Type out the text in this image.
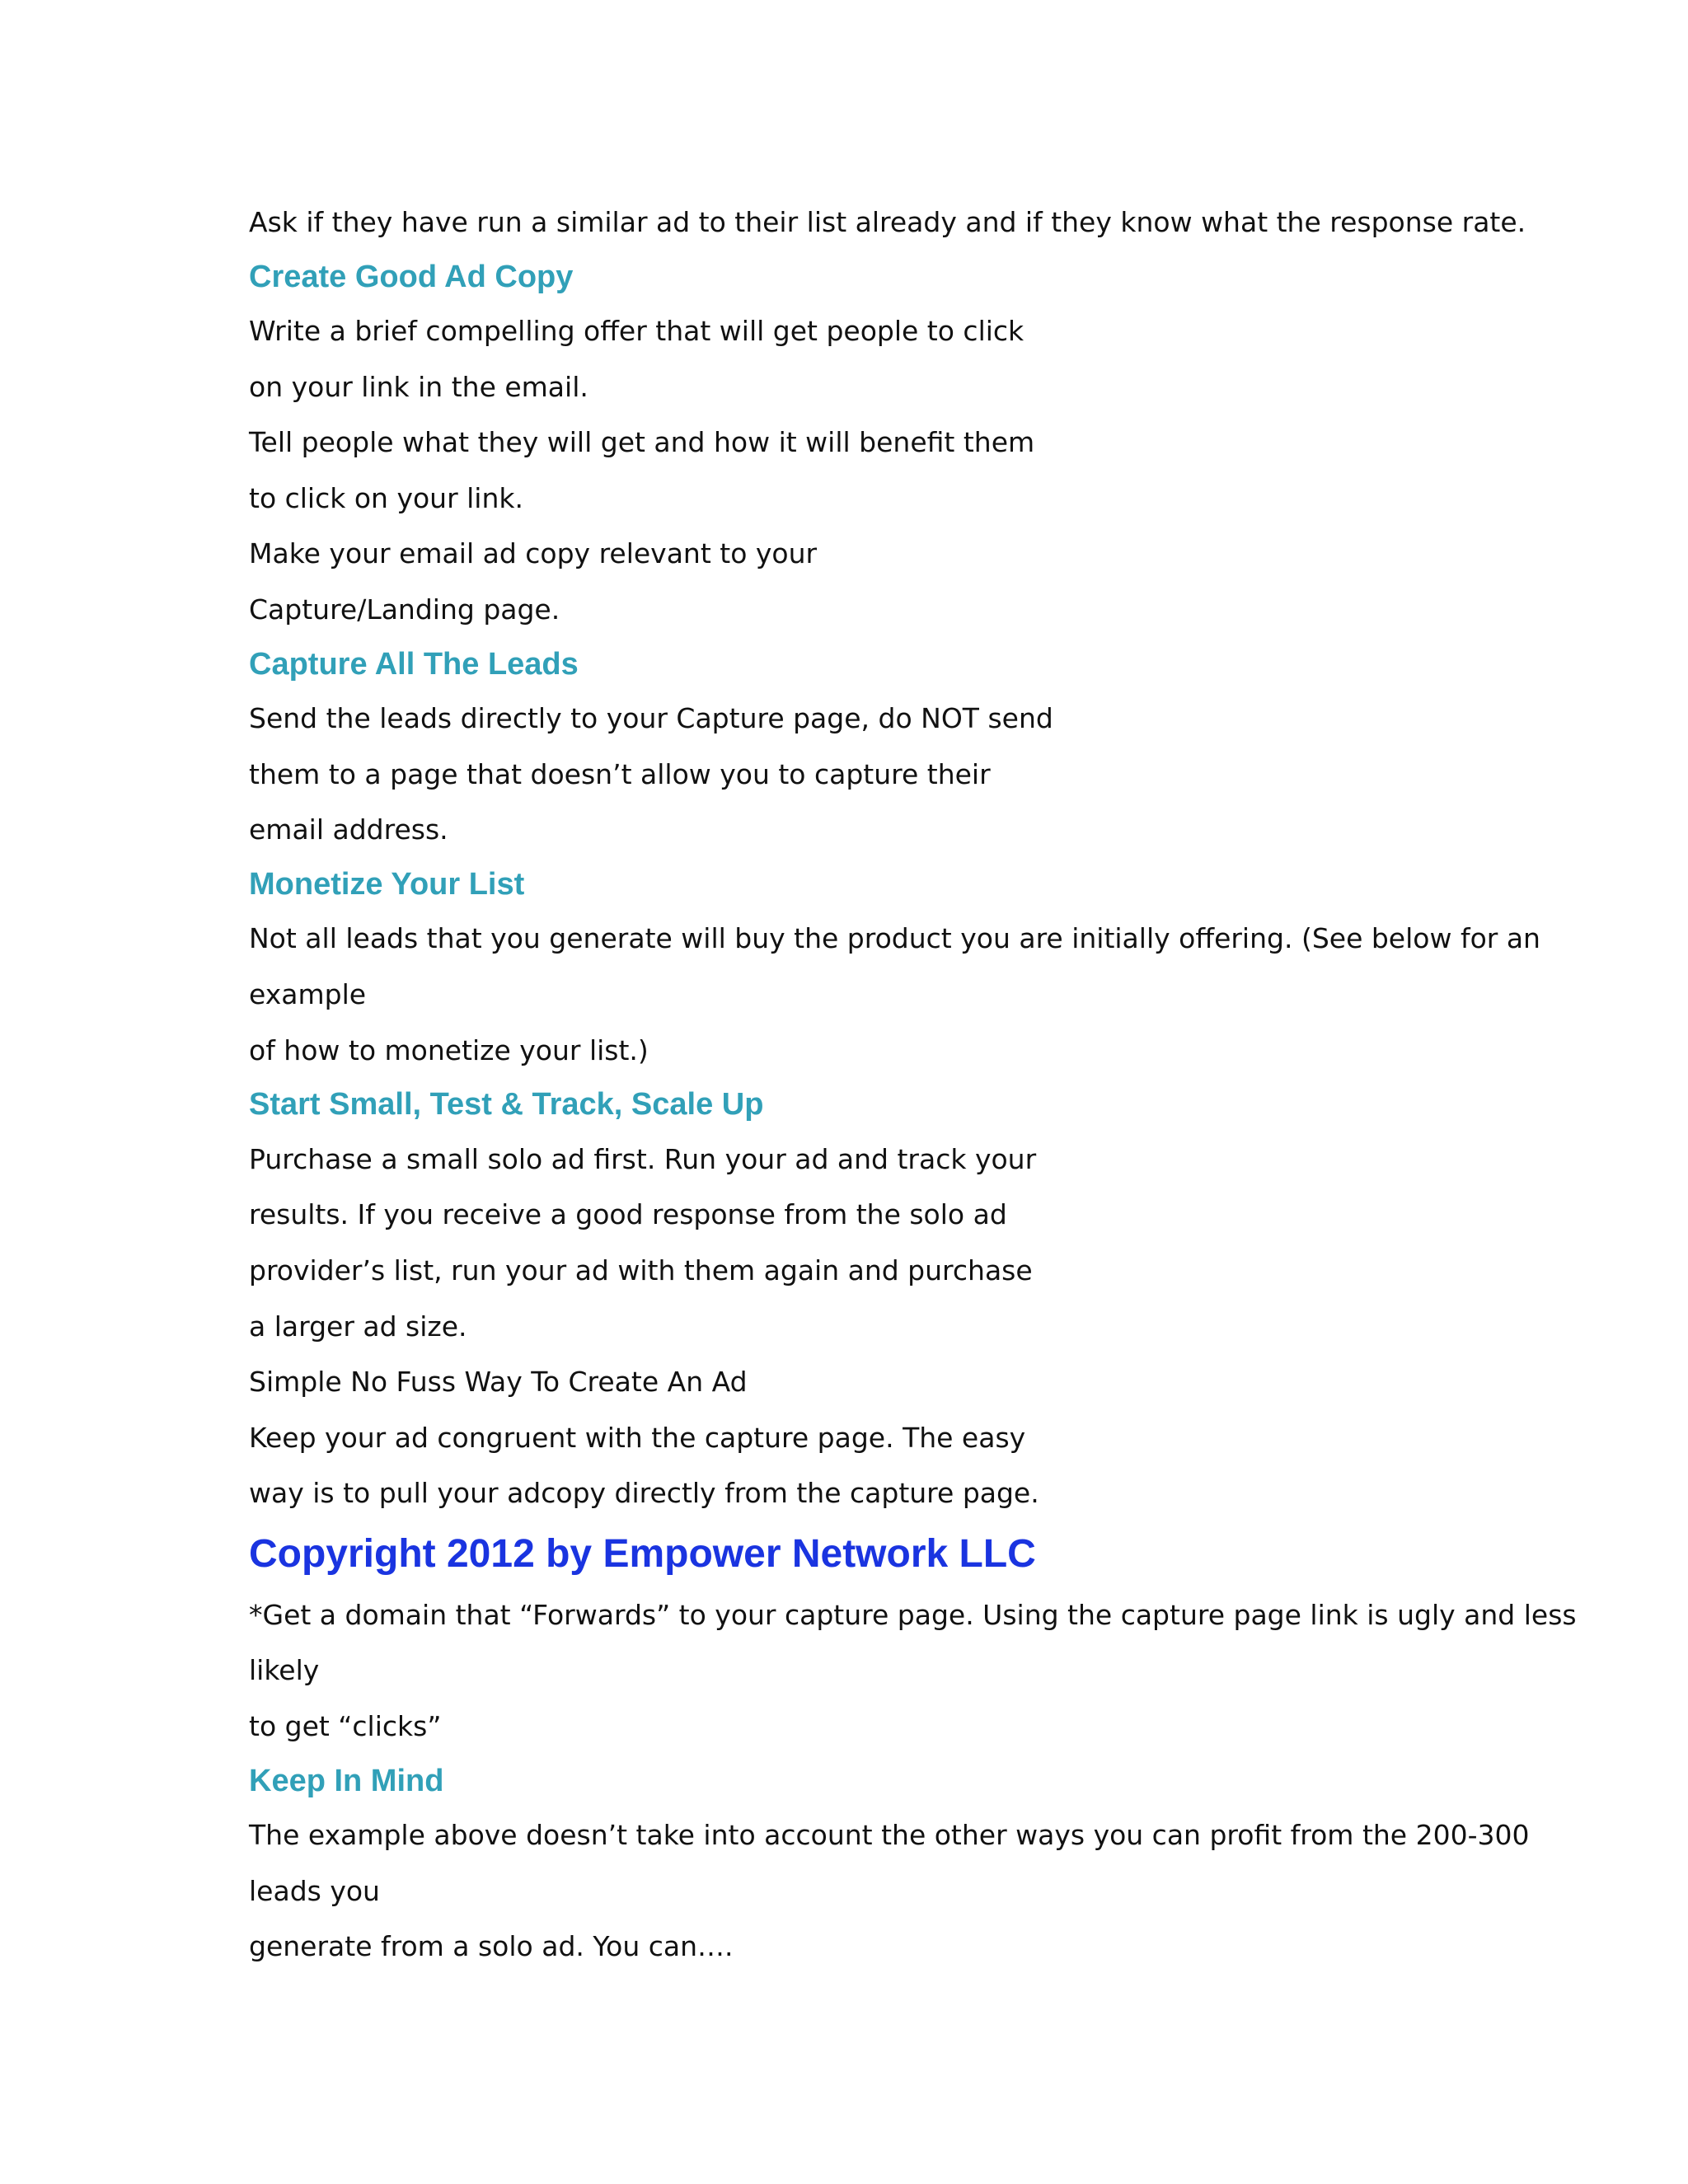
Ask if they have run a similar ad to their list already and if they know what the response rate.

Create Good Ad Copy

Write a brief compelling offer that will get people to click

on your link in the email.

Tell people what they will get and how it will benefit them

to click on your link.

Make your email ad copy relevant to your

Capture/Landing page.

Capture All The Leads

Send the leads directly to your Capture page, do NOT send

them to a page that doesn’t allow you to capture their

email address.

Monetize Your List

Not all leads that you generate will buy the product you are initially offering. (See below for an

example

of how to monetize your list.)

Start Small, Test & Track, Scale Up

Purchase a small solo ad first. Run your ad and track your

results. If you receive a good response from the solo ad

provider’s list, run your ad with them again and purchase

a larger ad size.

Simple No Fuss Way To Create An Ad

Keep your ad congruent with the capture page. The easy

way is to pull your adcopy directly from the capture page.

Copyright 2012 by Empower Network LLC

*Get a domain that “Forwards” to your capture page. Using the capture page link is ugly and less

likely

to get “clicks”

Keep In Mind

The example above doesn’t take into account the other ways you can profit from the 200-300

leads you

generate from a solo ad. You can….
